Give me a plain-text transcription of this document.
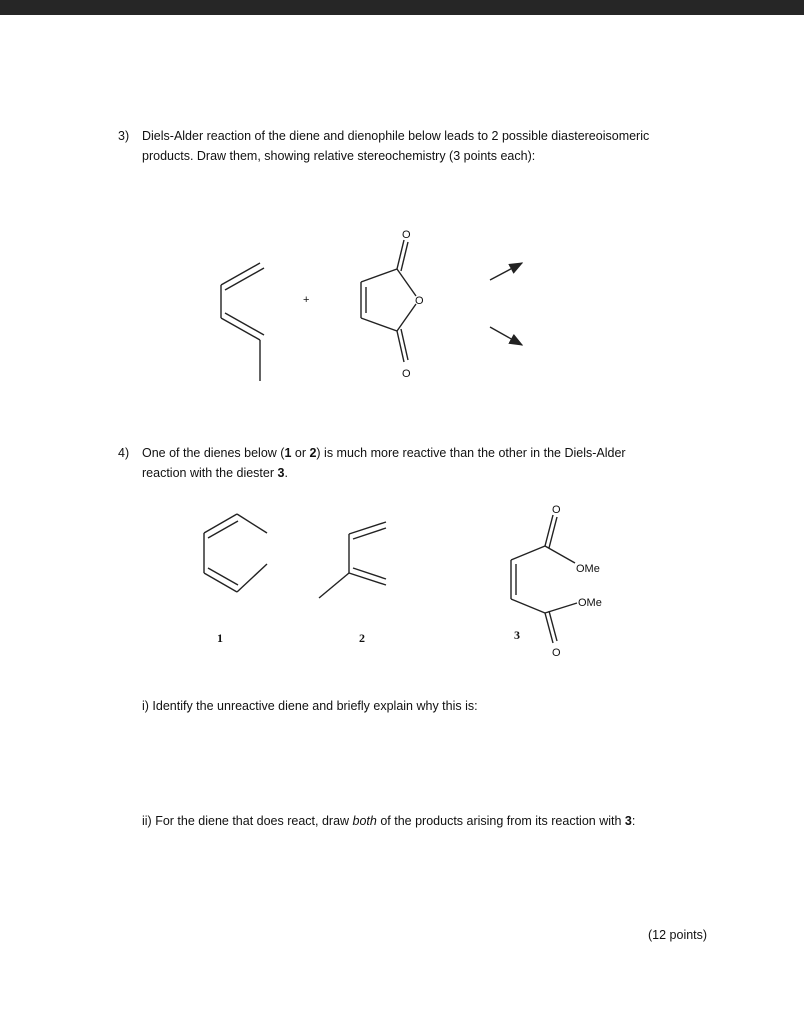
3) Diels-Alder reaction of the diene and dienophile below leads to 2 possible diastereoisomeric
products. Draw them, showing relative stereochemistry (3 points each):
+
O
O
O
4) One of the dienes below (1 or 2) is much more reactive than the other in the Diels-Alder
reaction with the diester 3.
O
OMe
OMe
O
1	2	3
i) Identify the unreactive diene and briefly explain why this is:
ii) For the diene that does react, draw both of the products arising from its reaction with 3:
(12 points)
